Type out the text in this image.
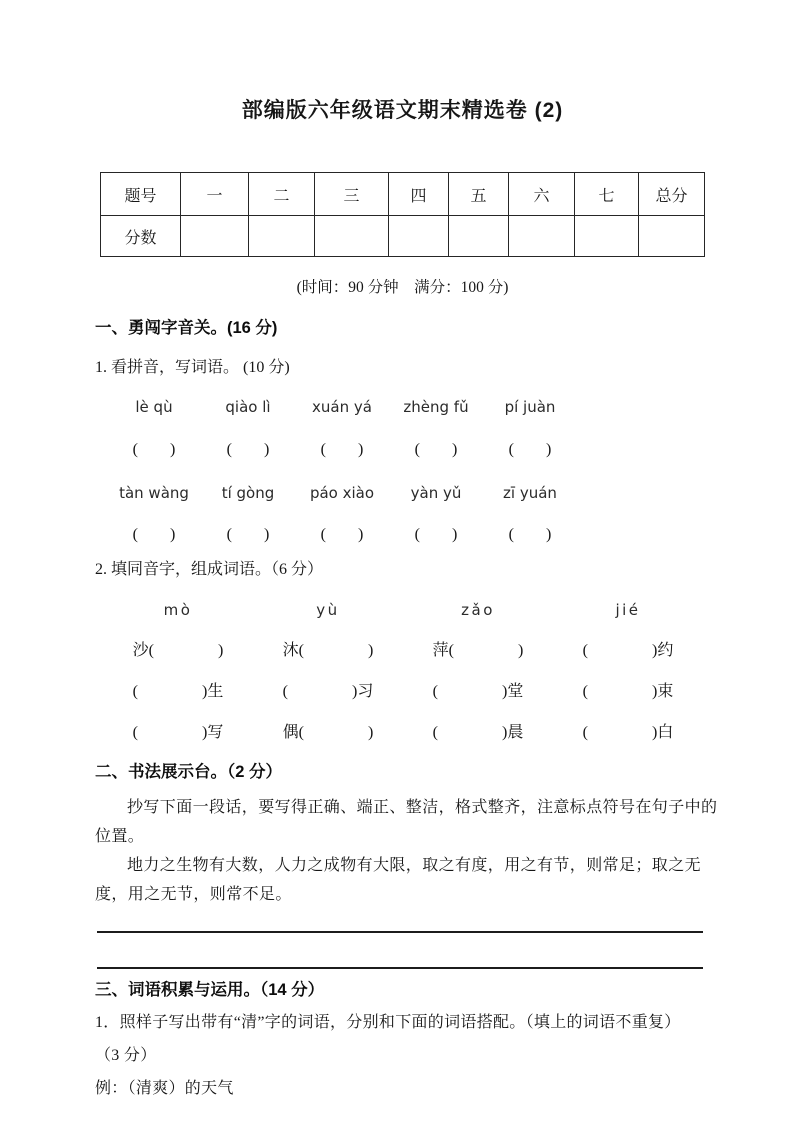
部编版六年级语文期末精选卷 (2)
题号	一	二	三	四	五	六	七	总分
分数								
(时间：90 分钟　满分：100 分)
一、勇闯字音关。(16 分)
1. 看拼音，写词语。 (10 分)
lè qù	qiào lì	xuán yá	zhèng fǔ	pí juàn
(　　)	(　　)	(　　)	(　　)	(　　)
tàn wàng	tí gòng	páo xiào	yàn yǔ	zī yuán
(　　)	(　　)	(　　)	(　　)	(　　)
2. 填同音字，组成词语。（6 分）
mò	yù	zǎo	jié
沙(　　　　)	沐(　　　　)	萍(　　　　)	(　　　　)约
(　　　　)生	(　　　　)习	(　　　　)堂	(　　　　)束
(　　　　)写	偶(　　　　)	(　　　　)晨	(　　　　)白
二、书法展示台。（2 分）

抄写下面一段话，要写得正确、端正、整洁，格式整齐，注意标点符号在句子中的位置。

地力之生物有大数，人力之成物有大限，取之有度，用之有节，则常足；取之无度，用之无节，则常不足。

三、词语积累与运用。（14 分）
1．照样子写出带有“清”字的词语，分别和下面的词语搭配。（填上的词语不重复）
（3 分）
例：（清爽）的天气
